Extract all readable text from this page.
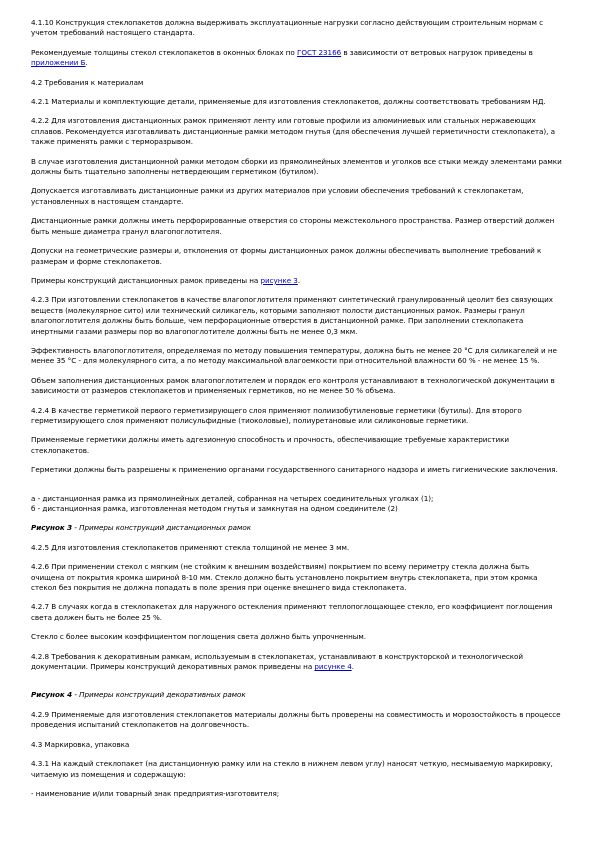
4.1.10 Конструкция стеклопакетов должна выдерживать эксплуатационные нагрузки согласно действующим строительным нормам с учетом требований настоящего стандарта.

Рекомендуемые толщины стекол стеклопакетов в оконных блоках по ГОСТ 23166 в зависимости от ветровых нагрузок приведены в приложении Б.

4.2 Требования к материалам

4.2.1 Материалы и комплектующие детали, применяемые для изготовления стеклопакетов, должны соответствовать требованиям НД.

4.2.2 Для изготовления дистанционных рамок применяют ленту или готовые профили из алюминиевых или стальных нержавеющих сплавов. Рекомендуется изготавливать дистанционные рамки методом гнутья (для обеспечения лучшей герметичности стеклопакета), а также применять рамки с терморазрывом.

В случае изготовления дистанционной рамки методом сборки из прямолинейных элементов и уголков все стыки между элементами рамки должны быть тщательно заполнены нетвердеющим герметиком (бутилом).

Допускается изготавливать дистанционные рамки из других материалов при условии обеспечения требований к стеклопакетам, установленных в настоящем стандарте.

Дистанционные рамки должны иметь перфорированные отверстия со стороны межстекольного пространства. Размер отверстий должен быть меньше диаметра гранул влагопоглотителя.

Допуски на геометрические размеры и, отклонения от формы дистанционных рамок должны обеспечивать выполнение требований к размерам и форме стеклопакетов.

Примеры конструкций дистанционных рамок приведены на рисунке 3.

4.2.3 При изготовлении стеклопакетов в качестве влагопоглотителя применяют синтетический гранулированный цеолит без связующих веществ (молекулярное сито) или технический силикагель, которыми заполняют полости дистанционных рамок. Размеры гранул влагопоглотителя должны быть больше, чем перфорационные отверстия в дистанционной рамке. При заполнении стеклопакета инертными газами размеры пор во влагопоглотителе должны быть не менее 0,3 мкм.

Эффективность влагопоглотителя, определяемая по методу повышения температуры, должна быть не менее 20 °С для силикагелей и не менее 35 °С - для молекулярного сита, а по методу максимальной влагоемкости при относительной влажности 60 % - не менее 15 %.

Объем заполнения дистанционных рамок влагопоглотителем и порядок его контроля устанавливают в технологической документации в зависимости от размеров стеклопакетов и применяемых герметиков, но не менее 50 % объема.

4.2.4 В качестве герметикой первого герметизирующего слоя применяют полиизобутиленовые герметики (бутилы). Для второго герметизирующего слоя применяют полисульфидные (тиоколовые), полиуретановые или силиконовые герметики.

Применяемые герметики должны иметь адгезионную способность и прочность, обеспечивающие требуемые характеристики стеклопакетов.

Герметики должны быть разрешены к применению органами государственного санитарного надзора и иметь гигиенические заключения.

а - дистанционная рамка из прямолинейных деталей, собранная на четырех соединительных уголках (1);

б - дистанционная рамка, изготовленная методом гнутья и замкнутая на одном соединителе (2)

Рисунок 3 - Примеры конструкций дистанционных рамок

4.2.5 Для изготовления стеклопакетов применяют стекла толщиной не менее 3 мм.

4.2.6 При применении стекол с мягким (не стойким к внешним воздействиям) покрытием по всему периметру стекла должна быть очищена от покрытия кромка шириной 8-10 мм. Стекло должно быть установлено покрытием внутрь стеклопакета, при этом кромка стекол без покрытия не должна попадать в поле зрения при оценке внешнего вида стеклопакета.

4.2.7 В случаях когда в стеклопакетах для наружного остекления применяют теплопоглощающее стекло, его коэффициент поглощения света должен быть не более 25 %.

Стекло с более высоким коэффициентом поглощения света должно быть упрочненным.

4.2.8 Требования к декоративным рамкам, используемым в стеклопакетах, устанавливают в конструкторской и технологической документации. Примеры конструкций декоративных рамок приведены на рисунке 4.

Рисунок 4 - Примеры конструкций декоративных рамок

4.2.9 Применяемые для изготовления стеклопакетов материалы должны быть проверены на совместимость и морозостойкость в процессе проведения испытаний стеклопакетов на долговечность.

4.3 Маркировка, упаковка

4.3.1 На каждый стеклопакет (на дистанционную рамку или на стекло в нижнем левом углу) наносят четкую, несмываемую маркировку, читаемую из помещения и содержащую:

- наименование и/или товарный знак предприятия-изготовителя;
